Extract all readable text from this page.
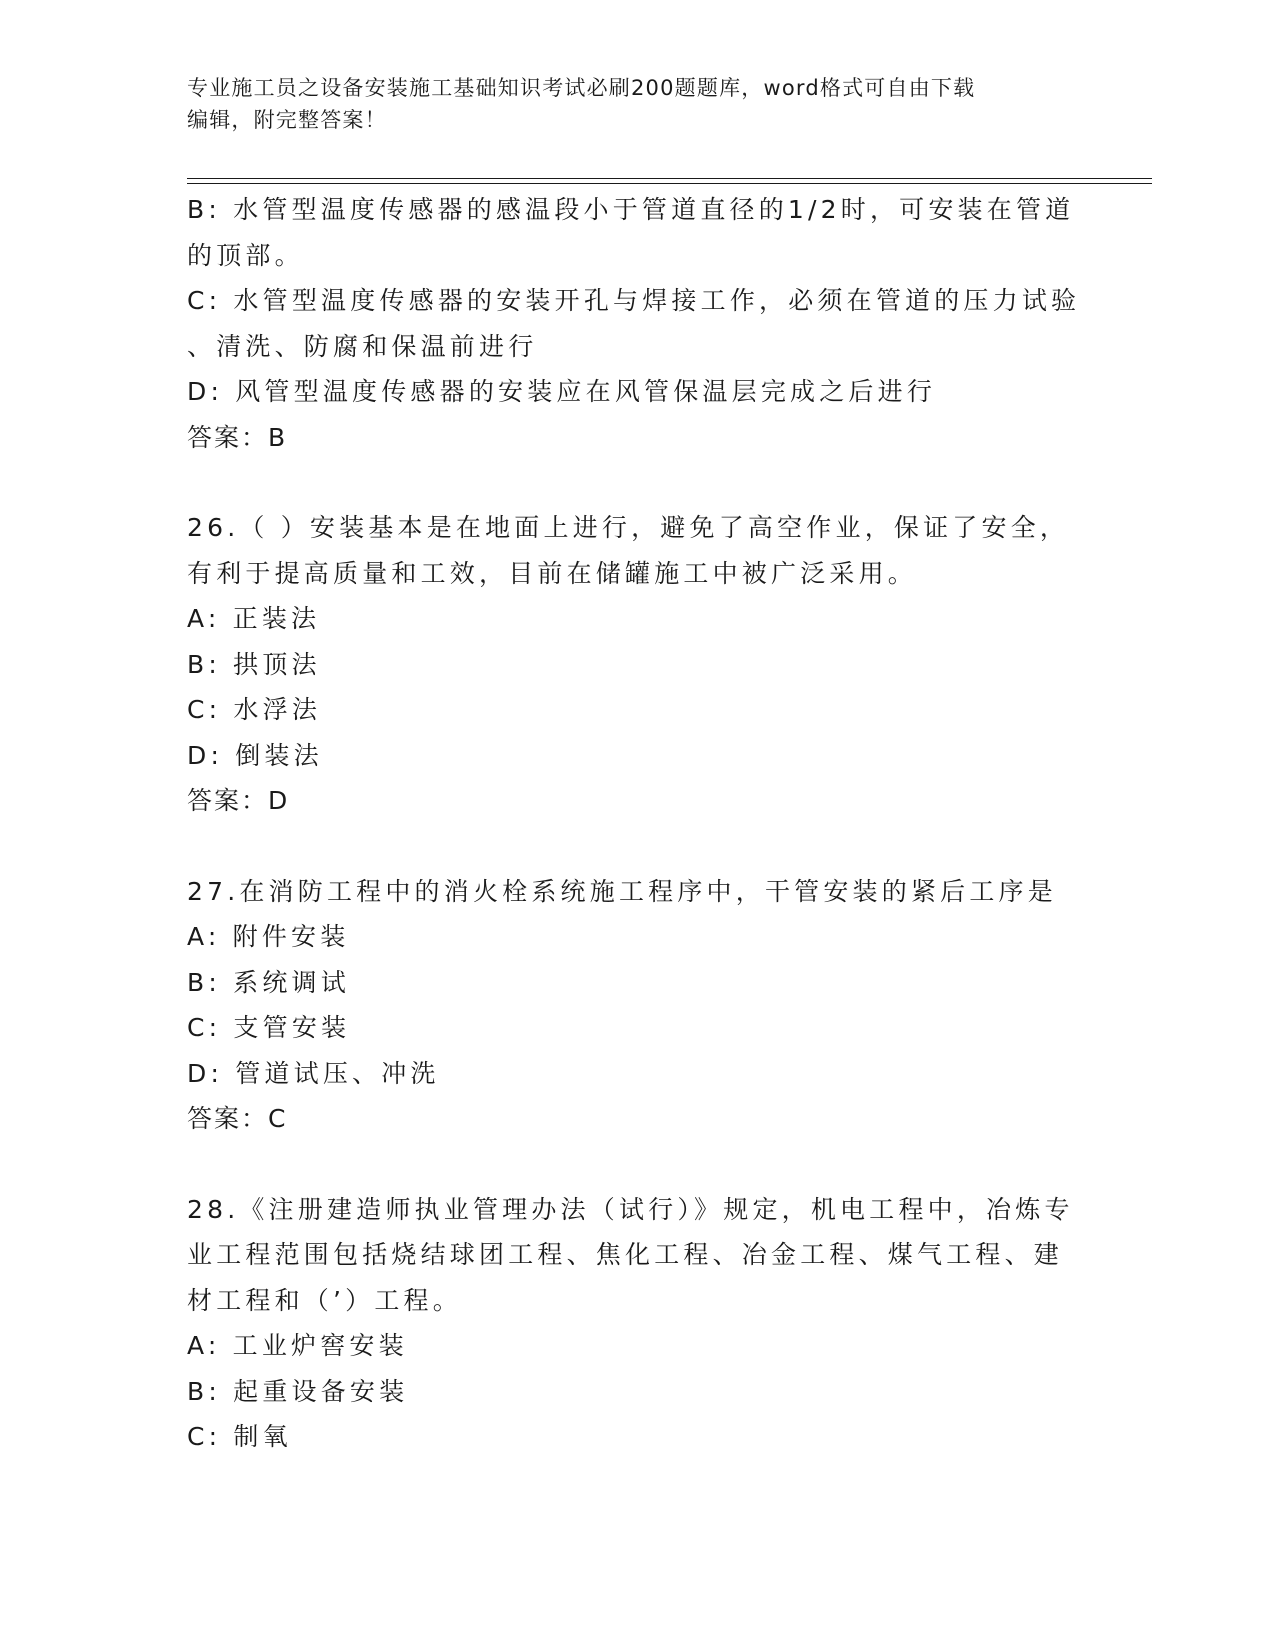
专业施工员之设备安装施工基础知识考试必刷200题题库，word格式可自由下载
编辑，附完整答案！
B: 水管型温度传感器的感温段小于管道直径的1/2时，可安装在管道
的顶部。
C: 水管型温度传感器的安装开孔与焊接工作，必须在管道的压力试验
、清洗、防腐和保温前进行
D: 风管型温度传感器的安装应在风管保温层完成之后进行
答案：B
26.（ ）安装基本是在地面上进行，避免了高空作业，保证了安全，
有利于提高质量和工效，目前在储罐施工中被广泛采用。
A: 正装法
B: 拱顶法
C: 水浮法
D: 倒装法
答案：D
27.在消防工程中的消火栓系统施工程序中，干管安装的紧后工序是
A: 附件安装
B: 系统调试
C: 支管安装
D: 管道试压、冲洗
答案：C
28.《注册建造师执业管理办法（试行）》规定，机电工程中，冶炼专
业工程范围包括烧结球团工程、焦化工程、冶金工程、煤气工程、建
材工程和（’）工程。
A: 工业炉窖安装
B: 起重设备安装
C: 制氧
